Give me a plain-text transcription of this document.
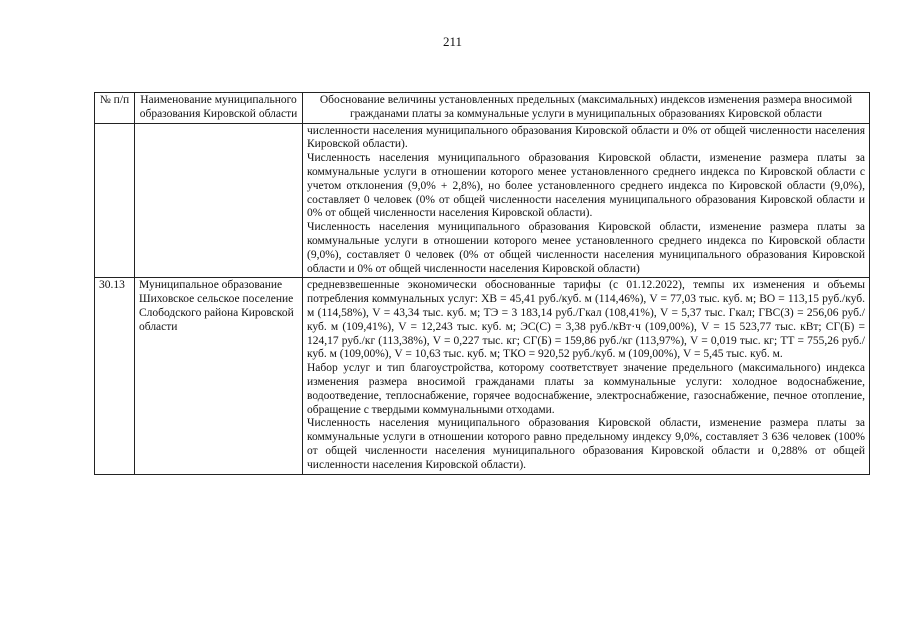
211
№ п/п	Наименование муниципального образования Кировской области	Обоснование величины установленных предельных (максимальных) индексов изменения размера вносимой гражданами платы за коммунальные услуги в муниципальных образованиях Кировской области

		численности населения муниципального образования Кировской области и 0% от общей численности населения Кировской области).

Численность населения муниципального образования Кировской области, изменение размера платы за коммунальные услуги в отношении которого менее установленного среднего индекса по Кировской области с учетом отклонения (9,0% + 2,8%), но более установленного среднего индекса по Кировской области (9,0%), составляет 0 человек (0% от общей численности населения муниципального образования Кировской области и 0% от общей численности населения Кировской области).

Численность населения муниципального образования Кировской области, изменение размера платы за коммунальные услуги в отношении которого менее установленного среднего индекса по Кировской области (9,0%), составляет 0 человек (0% от общей численности населения муниципального образования Кировской области и 0% от общей численности населения Кировской области)

30.13	Муниципальное образование Шиховское сельское поселение Слободского района Кировской области	средневзвешенные экономически обоснованные тарифы (с 01.12.2022), темпы их изменения и объемы потребления коммунальных услуг: ХВ = 45,41 руб./куб. м (114,46%), V = 77,03 тыс. куб. м; ВО = 113,15 руб./куб. м (114,58%), V = 43,34 тыс. куб. м; ТЭ = 3 183,14 руб./Гкал (108,41%), V = 5,37 тыс. Гкал; ГВС(З) = 256,06 руб./куб. м (109,41%), V = 12,243 тыс. куб. м; ЭС(С) = 3,38 руб./кВт·ч (109,00%), V = 15 523,77 тыс. кВт; СГ(Б) = 124,17 руб./кг (113,38%), V = 0,227 тыс. кг; СГ(Б) = 159,86 руб./кг (113,97%), V = 0,019 тыс. кг; ТТ = 755,26 руб./куб. м (109,00%), V = 10,63 тыс. куб. м; ТКО = 920,52 руб./куб. м (109,00%), V = 5,45 тыс. куб. м.

Набор услуг и тип благоустройства, которому соответствует значение предельного (максимального) индекса изменения размера вносимой гражданами платы за коммунальные услуги: холодное водоснабжение, водоотведение, теплоснабжение, горячее водоснабжение, электроснабжение, газоснабжение, печное отопление, обращение с твердыми коммунальными отходами.

Численность населения муниципального образования Кировской области, изменение размера платы за коммунальные услуги в отношении которого равно предельному индексу 9,0%, составляет 3 636 человек (100% от общей численности населения муниципального образования Кировской области и 0,288% от общей численности населения Кировской области).
